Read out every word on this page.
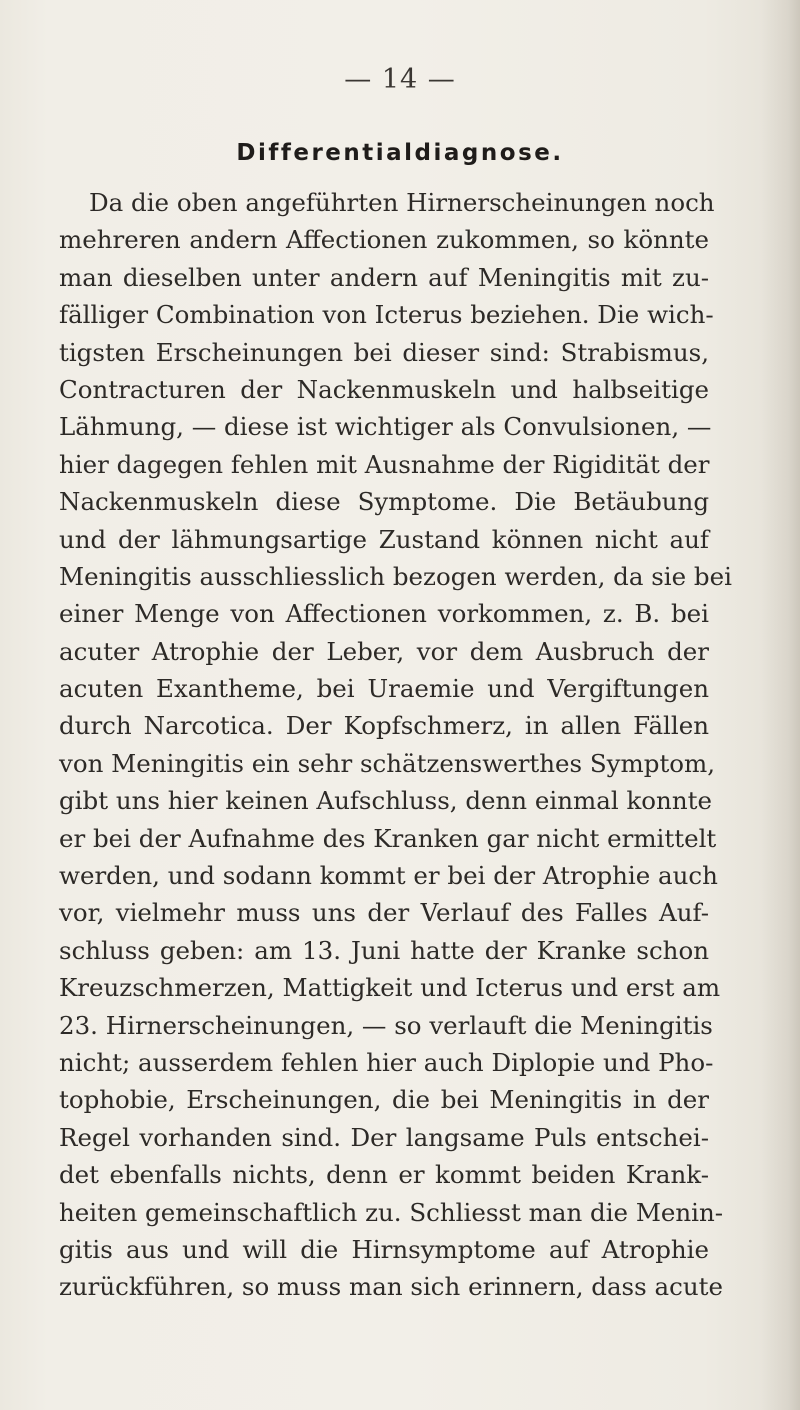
— 14 —
Differentialdiagnose.
Da die oben angeführten Hirnerscheinungen noch
mehreren andern Affectionen zukommen, so könnte
man dieselben unter andern auf Meningitis mit zu-
fälliger Combination von Icterus beziehen. Die wich-
tigsten Erscheinungen bei dieser sind: Strabismus,
Contracturen der Nackenmuskeln und halbseitige
Lähmung, — diese ist wichtiger als Convulsionen, —
hier dagegen fehlen mit Ausnahme der Rigidität der
Nackenmuskeln diese Symptome. Die Betäubung
und der lähmungsartige Zustand können nicht auf
Meningitis ausschliesslich bezogen werden, da sie bei
einer Menge von Affectionen vorkommen, z. B. bei
acuter Atrophie der Leber, vor dem Ausbruch der
acuten Exantheme, bei Uraemie und Vergiftungen
durch Narcotica. Der Kopfschmerz, in allen Fällen
von Meningitis ein sehr schätzenswerthes Symptom,
gibt uns hier keinen Aufschluss, denn einmal konnte
er bei der Aufnahme des Kranken gar nicht ermittelt
werden, und sodann kommt er bei der Atrophie auch
vor, vielmehr muss uns der Verlauf des Falles Auf-
schluss geben: am 13. Juni hatte der Kranke schon
Kreuzschmerzen, Mattigkeit und Icterus und erst am
23. Hirnerscheinungen, — so verlauft die Meningitis
nicht; ausserdem fehlen hier auch Diplopie und Pho-
tophobie, Erscheinungen, die bei Meningitis in der
Regel vorhanden sind. Der langsame Puls entschei-
det ebenfalls nichts, denn er kommt beiden Krank-
heiten gemeinschaftlich zu. Schliesst man die Menin-
gitis aus und will die Hirnsymptome auf Atrophie
zurückführen, so muss man sich erinnern, dass acute
